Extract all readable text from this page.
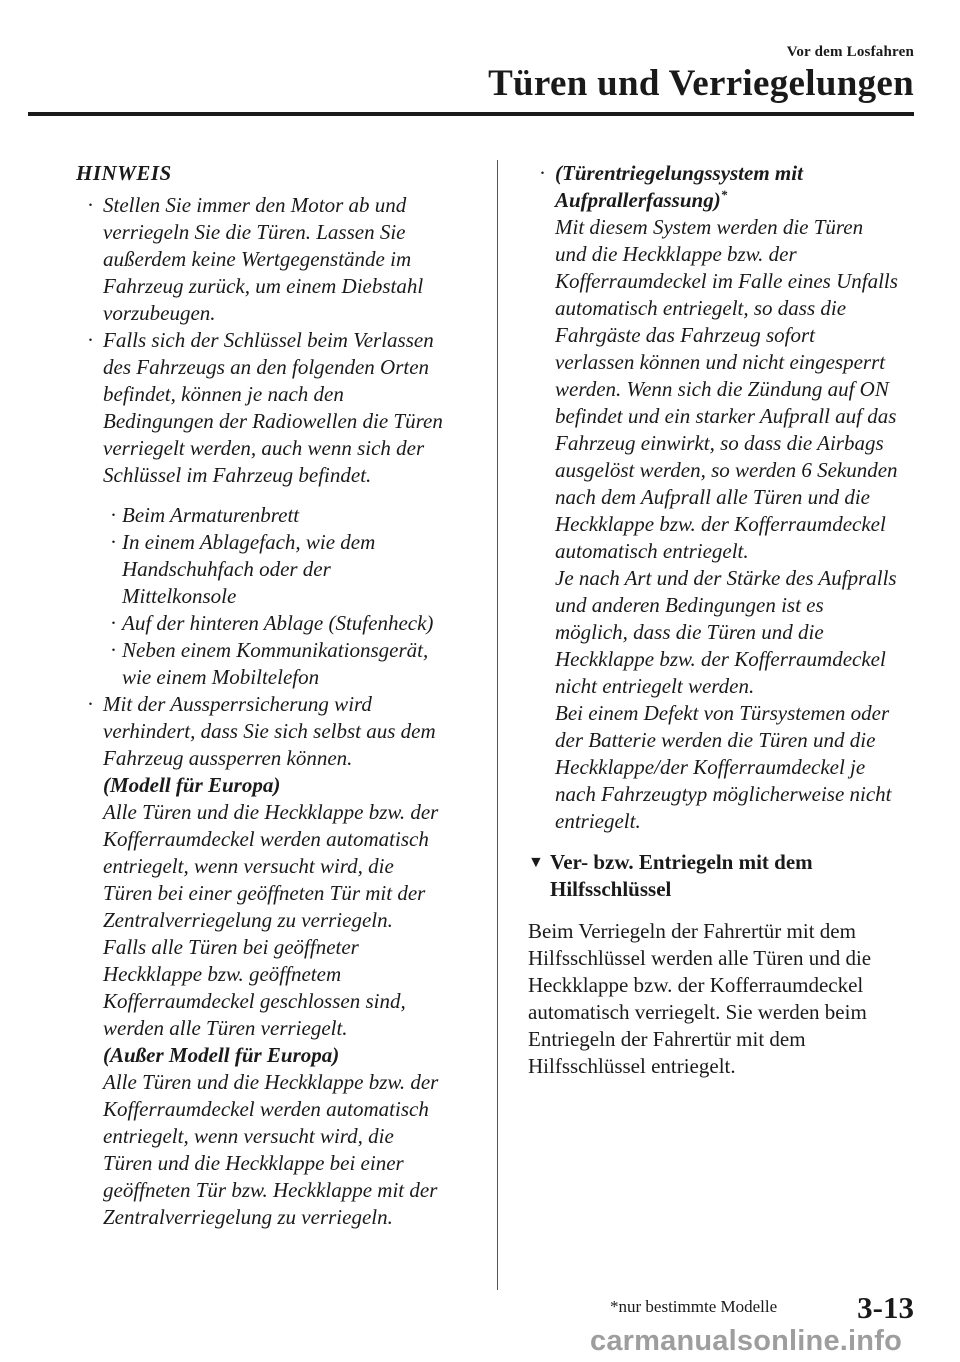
Vor dem Losfahren
Türen und Verriegelungen
HINWEIS
· Stellen Sie immer den Motor ab und
verriegeln Sie die Türen. Lassen Sie
außerdem keine Wertgegenstände im
Fahrzeug zurück, um einem Diebstahl
vorzubeugen.
· Falls sich der Schlüssel beim Verlassen
des Fahrzeugs an den folgenden Orten
befindet, können je nach den
Bedingungen der Radiowellen die Türen
verriegelt werden, auch wenn sich der
Schlüssel im Fahrzeug befindet.
· Beim Armaturenbrett
· In einem Ablagefach, wie dem
Handschuhfach oder der
Mittelkonsole
· Auf der hinteren Ablage (Stufenheck)
· Neben einem Kommunikationsgerät,
wie einem Mobiltelefon
· Mit der Aussperrsicherung wird
verhindert, dass Sie sich selbst aus dem
Fahrzeug aussperren können.
(Modell für Europa)
Alle Türen und die Heckklappe bzw. der
Kofferraumdeckel werden automatisch
entriegelt, wenn versucht wird, die
Türen bei einer geöffneten Tür mit der
Zentralverriegelung zu verriegeln.
Falls alle Türen bei geöffneter
Heckklappe bzw. geöffnetem
Kofferraumdeckel geschlossen sind,
werden alle Türen verriegelt.
(Außer Modell für Europa)
Alle Türen und die Heckklappe bzw. der
Kofferraumdeckel werden automatisch
entriegelt, wenn versucht wird, die
Türen und die Heckklappe bei einer
geöffneten Tür bzw. Heckklappe mit der
Zentralverriegelung zu verriegeln.
· (Türentriegelungssystem mit
Aufprallerfassung)*
Mit diesem System werden die Türen
und die Heckklappe bzw. der
Kofferraumdeckel im Falle eines Unfalls
automatisch entriegelt, so dass die
Fahrgäste das Fahrzeug sofort
verlassen können und nicht eingesperrt
werden. Wenn sich die Zündung auf ON
befindet und ein starker Aufprall auf das
Fahrzeug einwirkt, so dass die Airbags
ausgelöst werden, so werden 6 Sekunden
nach dem Aufprall alle Türen und die
Heckklappe bzw. der Kofferraumdeckel
automatisch entriegelt.
Je nach Art und der Stärke des Aufpralls
und anderen Bedingungen ist es
möglich, dass die Türen und die
Heckklappe bzw. der Kofferraumdeckel
nicht entriegelt werden.
Bei einem Defekt von Türsystemen oder
der Batterie werden die Türen und die
Heckklappe/der Kofferraumdeckel je
nach Fahrzeugtyp möglicherweise nicht
entriegelt.
▼ Ver- bzw. Entriegeln mit dem
Hilfsschlüssel
Beim Verriegeln der Fahrertür mit dem
Hilfsschlüssel werden alle Türen und die
Heckklappe bzw. der Kofferraumdeckel
automatisch verriegelt. Sie werden beim
Entriegeln der Fahrertür mit dem
Hilfsschlüssel entriegelt.
*nur bestimmte Modelle	3-13
carmanualsonline.info
